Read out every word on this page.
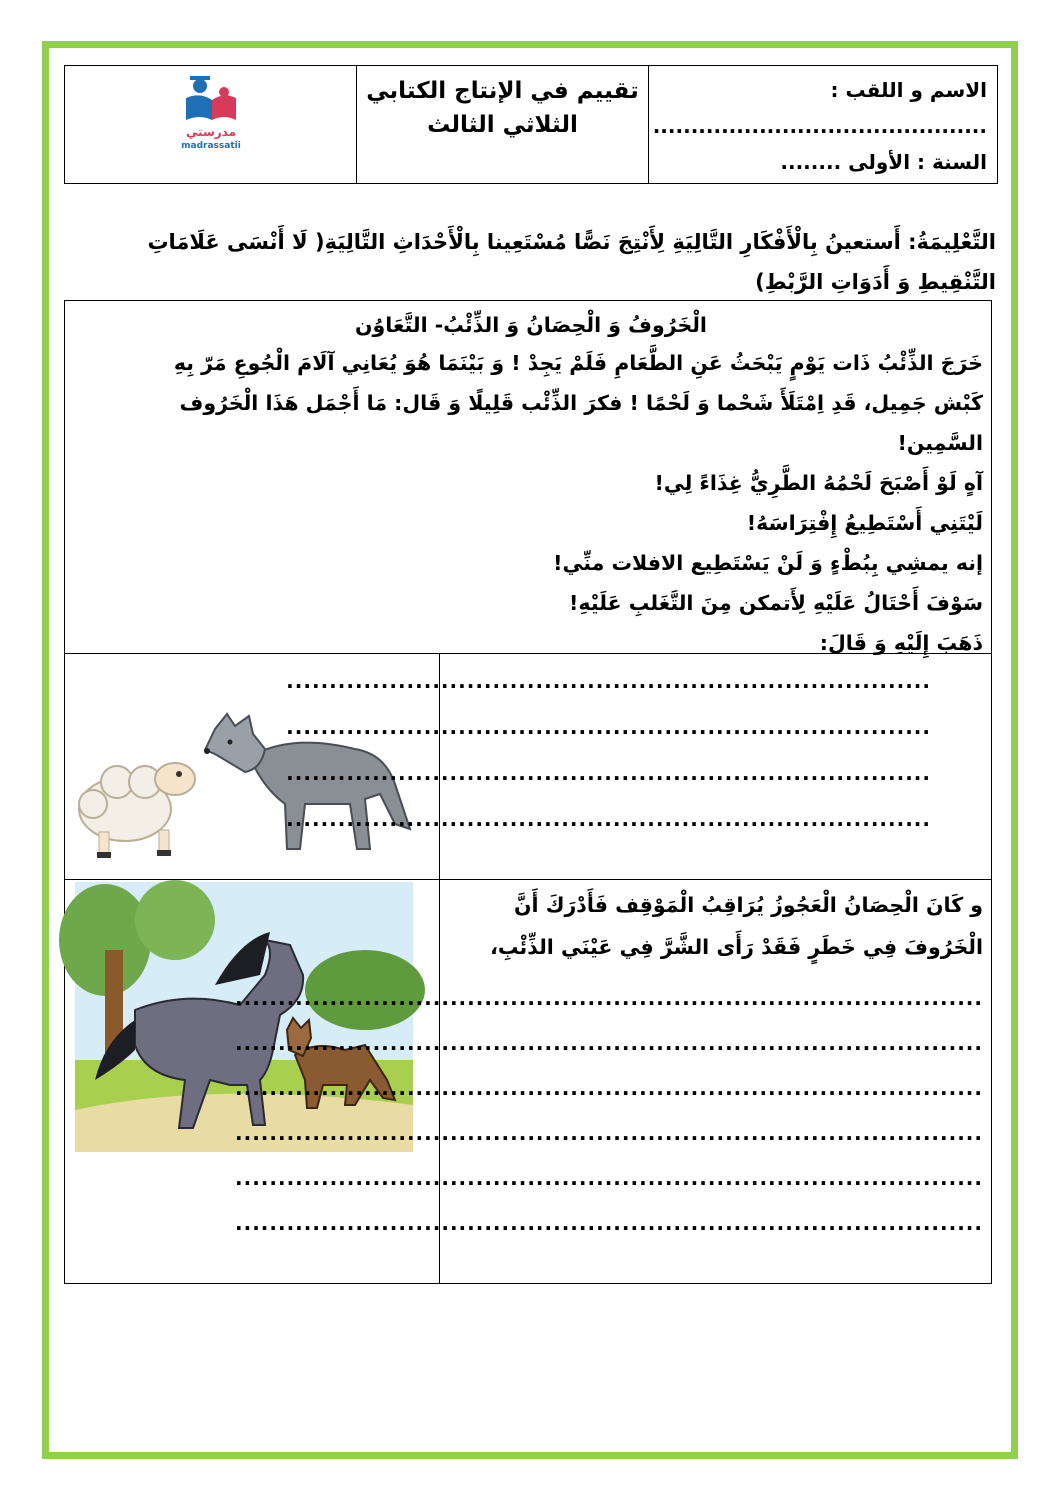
مدرستي
madrassatii
تقييم في الإنتاج الكتابي
الثلاثي الثالث
الاسم و اللقب :
............................................
السنة : الأولى ........
التَّعْلِيمَةُ: أَستعينُ بِالْأَفْكَارِ التَّالِيَةِ لِأَنْتِجَ نَصًّا مُسْتَعِينا بِالْأَحْدَاثِ التَّالِيَةِ( لَا أَنْسَى عَلَامَاتِ
التَّنْقِيطِ وَ أَدَوَاتِ الرَّبْطِ)
الْخَرُوفُ وَ الْحِصَانُ وَ الذِّئْبُ- التَّعَاوُن

خَرَجَ الذِّئْبُ ذَات يَوْمٍ يَبْحَثُ عَنِ الطَّعَامِ فَلَمْ يَجِدْ ! وَ بَيْنَمَا هُوَ يُعَانِي آلَامَ الْجُوعِ مَرّ بِهِ

كَبْش جَمِيل، قَدِ اِمْتَلَأَ شَحْما وَ لَحْمًا ! فكرَ الذِّئْب قَلِيلًا وَ قَال: مَا أَجْمَل هَذَا الْخَرُوف

السَّمِين!

آهٍ لَوْ أَصْبَحَ لَحْمُهُ الطَّرِيُّ غِذَاءً لِي!

لَيْتَنِي أَسْتَطِيعُ إِفْتِرَاسَهُ!

إنه يمشِي بِبُطْءٍ وَ لَنْ يَسْتَطِيع الافلات منِّي!

سَوْفَ أَحْتَالُ عَلَيْهِ لِأَتمكن مِنَ التَّغَلبِ عَلَيْهِ!

ذَهَبَ إِلَيْهِ وَ قَالَ:

...........................................................................
...........................................................................
...........................................................................
...........................................................................
و كَانَ الْحِصَانُ الْعَجُوزُ يُرَاقِبُ الْمَوْقِف فَأَدْرَكَ أَنَّ
الْخَرُوفَ فِي خَطَرٍ فَقَدْ رَأَى الشَّرَّ فِي عَيْنَي الذِّئْبِ،
.......................................................................................
.......................................................................................
.......................................................................................
.......................................................................................
.......................................................................................
.......................................................................................
